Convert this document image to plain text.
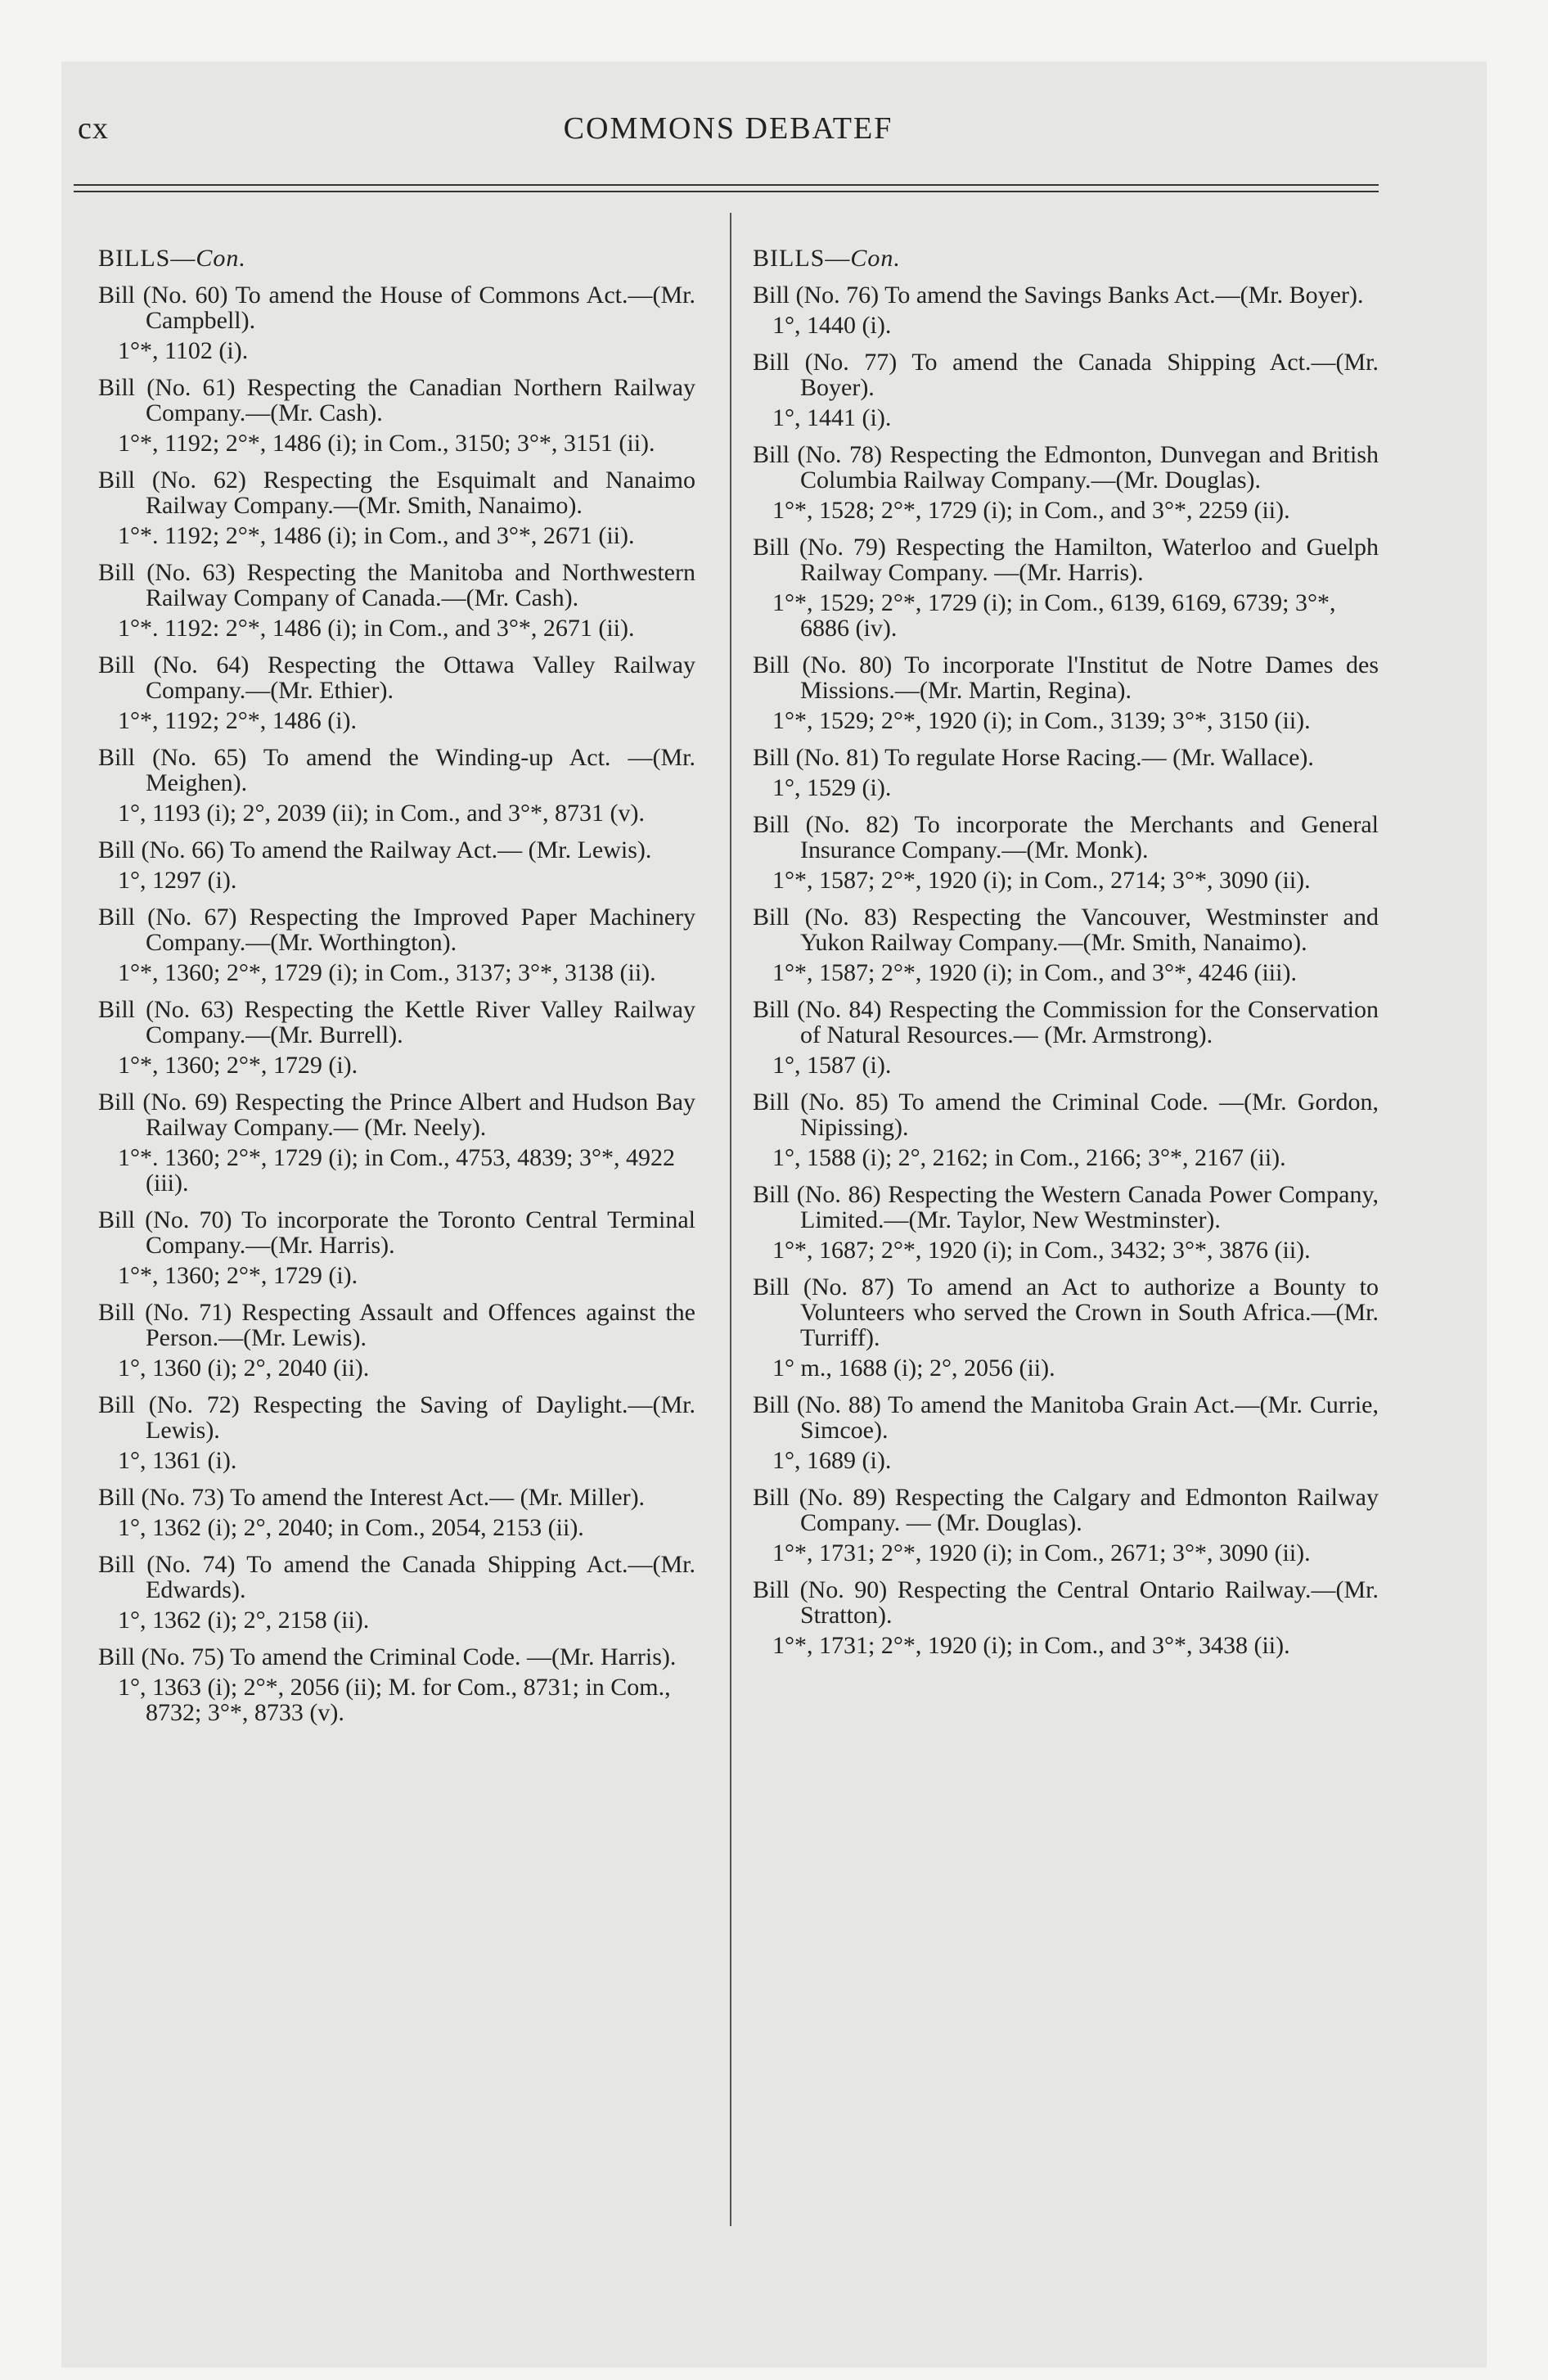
cx	COMMONS DEBATEF
BILLS—Con.

Bill (No. 60) To amend the House of Commons Act.—(Mr. Campbell).

1°*, 1102 (i).

Bill (No. 61) Respecting the Canadian Northern Railway Company.—(Mr. Cash).

1°*, 1192; 2°*, 1486 (i); in Com., 3150; 3°*, 3151 (ii).

Bill (No. 62) Respecting the Esquimalt and Nanaimo Railway Company.—(Mr. Smith, Nanaimo).

1°*. 1192; 2°*, 1486 (i); in Com., and 3°*, 2671 (ii).

Bill (No. 63) Respecting the Manitoba and Northwestern Railway Company of Canada.—(Mr. Cash).

1°*. 1192: 2°*, 1486 (i); in Com., and 3°*, 2671 (ii).

Bill (No. 64) Respecting the Ottawa Valley Railway Company.—(Mr. Ethier).

1°*, 1192; 2°*, 1486 (i).

Bill (No. 65) To amend the Winding-up Act. —(Mr. Meighen).

1°, 1193 (i); 2°, 2039 (ii); in Com., and 3°*, 8731 (v).

Bill (No. 66) To amend the Railway Act.— (Mr. Lewis).

1°, 1297 (i).

Bill (No. 67) Respecting the Improved Paper Machinery Company.—(Mr. Worthington).

1°*, 1360; 2°*, 1729 (i); in Com., 3137; 3°*, 3138 (ii).

Bill (No. 63) Respecting the Kettle River Valley Railway Company.—(Mr. Burrell).

1°*, 1360; 2°*, 1729 (i).

Bill (No. 69) Respecting the Prince Albert and Hudson Bay Railway Company.— (Mr. Neely).

1°*. 1360; 2°*, 1729 (i); in Com., 4753, 4839; 3°*, 4922 (iii).

Bill (No. 70) To incorporate the Toronto Central Terminal Company.—(Mr. Harris).

1°*, 1360; 2°*, 1729 (i).

Bill (No. 71) Respecting Assault and Offences against the Person.—(Mr. Lewis).

1°, 1360 (i); 2°, 2040 (ii).

Bill (No. 72) Respecting the Saving of Daylight.—(Mr. Lewis).

1°, 1361 (i).

Bill (No. 73) To amend the Interest Act.— (Mr. Miller).

1°, 1362 (i); 2°, 2040; in Com., 2054, 2153 (ii).

Bill (No. 74) To amend the Canada Shipping Act.—(Mr. Edwards).

1°, 1362 (i); 2°, 2158 (ii).

Bill (No. 75) To amend the Criminal Code. —(Mr. Harris).

1°, 1363 (i); 2°*, 2056 (ii); M. for Com., 8731; in Com., 8732; 3°*, 8733 (v).

BILLS—Con.

Bill (No. 76) To amend the Savings Banks Act.—(Mr. Boyer).

1°, 1440 (i).

Bill (No. 77) To amend the Canada Shipping Act.—(Mr. Boyer).

1°, 1441 (i).

Bill (No. 78) Respecting the Edmonton, Dunvegan and British Columbia Railway Company.—(Mr. Douglas).

1°*, 1528; 2°*, 1729 (i); in Com., and 3°*, 2259 (ii).

Bill (No. 79) Respecting the Hamilton, Waterloo and Guelph Railway Company. —(Mr. Harris).

1°*, 1529; 2°*, 1729 (i); in Com., 6139, 6169, 6739; 3°*, 6886 (iv).

Bill (No. 80) To incorporate l'Institut de Notre Dames des Missions.—(Mr. Martin, Regina).

1°*, 1529; 2°*, 1920 (i); in Com., 3139; 3°*, 3150 (ii).

Bill (No. 81) To regulate Horse Racing.— (Mr. Wallace).

1°, 1529 (i).

Bill (No. 82) To incorporate the Merchants and General Insurance Company.—(Mr. Monk).

1°*, 1587; 2°*, 1920 (i); in Com., 2714; 3°*, 3090 (ii).

Bill (No. 83) Respecting the Vancouver, Westminster and Yukon Railway Company.—(Mr. Smith, Nanaimo).

1°*, 1587; 2°*, 1920 (i); in Com., and 3°*, 4246 (iii).

Bill (No. 84) Respecting the Commission for the Conservation of Natural Resources.— (Mr. Armstrong).

1°, 1587 (i).

Bill (No. 85) To amend the Criminal Code. —(Mr. Gordon, Nipissing).

1°, 1588 (i); 2°, 2162; in Com., 2166; 3°*, 2167 (ii).

Bill (No. 86) Respecting the Western Canada Power Company, Limited.—(Mr. Taylor, New Westminster).

1°*, 1687; 2°*, 1920 (i); in Com., 3432; 3°*, 3876 (ii).

Bill (No. 87) To amend an Act to authorize a Bounty to Volunteers who served the Crown in South Africa.—(Mr. Turriff).

1° m., 1688 (i); 2°, 2056 (ii).

Bill (No. 88) To amend the Manitoba Grain Act.—(Mr. Currie, Simcoe).

1°, 1689 (i).

Bill (No. 89) Respecting the Calgary and Edmonton Railway Company. — (Mr. Douglas).

1°*, 1731; 2°*, 1920 (i); in Com., 2671; 3°*, 3090 (ii).

Bill (No. 90) Respecting the Central Ontario Railway.—(Mr. Stratton).

1°*, 1731; 2°*, 1920 (i); in Com., and 3°*, 3438 (ii).
